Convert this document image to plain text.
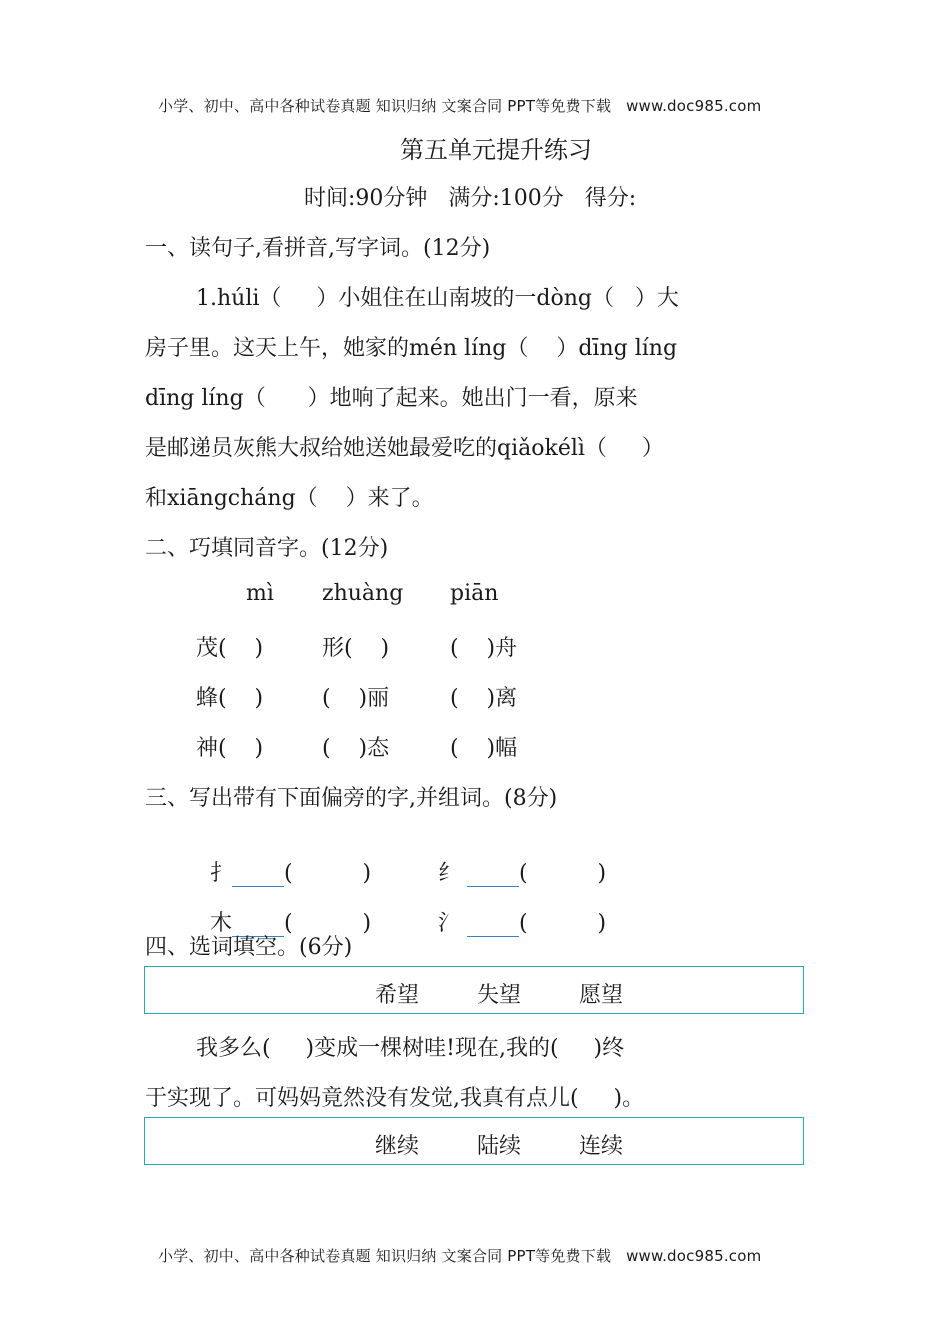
小学、初中、高中各种试卷真题 知识归纳 文案合同 PPT等免费下载   www.doc985.com
第五单元提升练习
时间:90分钟   满分:100分   得分:
一、读句子,看拼音,写字词。(12分)
1.húli（     ）小姐住在山南坡的一dòng（   ）大
房子里。这天上午，她家的mén líng（    ）dīng líng
dīng líng（      ）地响了起来。她出门一看，原来
是邮递员灰熊大叔给她送她最爱吃的qiǎokélì（     ）
和xiāngcháng（    ）来了。
二、巧填同音字。(12分)
mì zhuàng piān
茂(    )	形(    )	(    )舟
蜂(    )	(    )丽	(    )离
神(    )	(    )态	(    )幅
三、写出带有下面偏旁的字,并组词。(8分)

扌 (          )	纟	(          )

木 (          )	氵	(          )

四、选词填空。(6分)
希望	失望	愿望
我多么(     )变成一棵树哇!现在,我的(     )终
于实现了。可妈妈竟然没有发觉,我真有点儿(     )。
继续	陆续	连续
小学、初中、高中各种试卷真题 知识归纳 文案合同 PPT等免费下载   www.doc985.com
